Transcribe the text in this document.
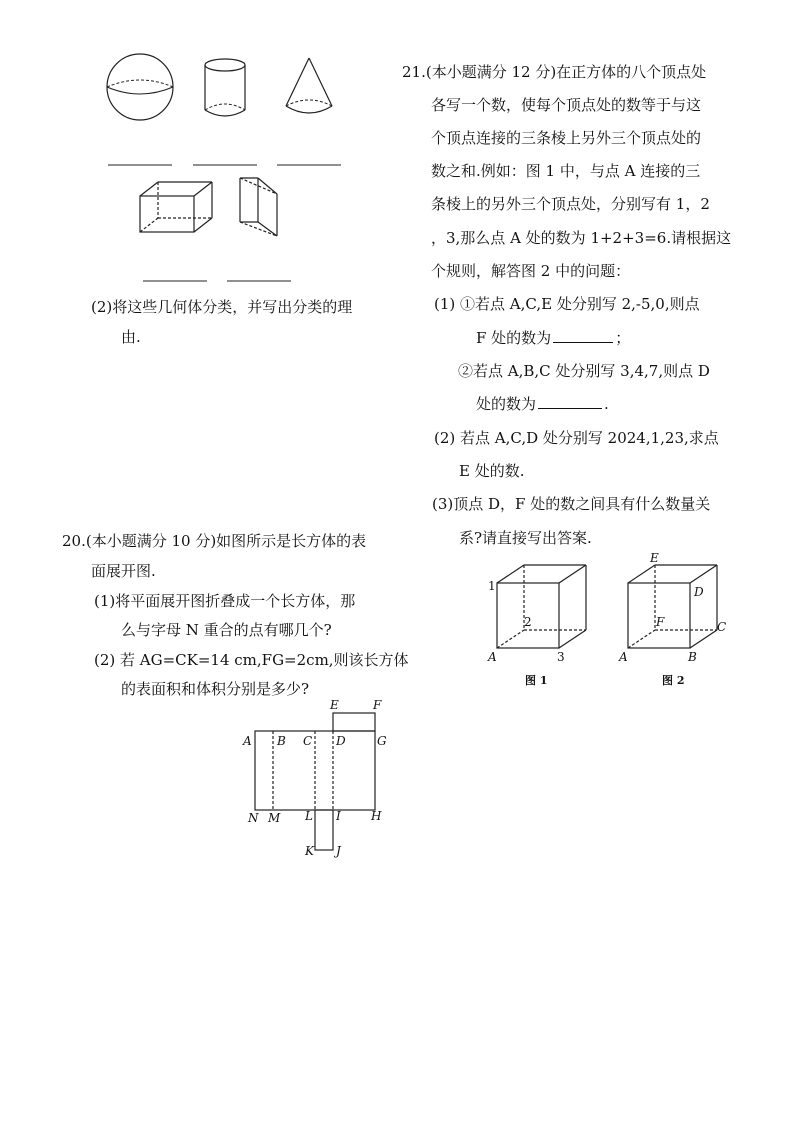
(2)将这些几何体分类，并写出分类的理
由.
20.(本小题满分 10 分)如图所示是长方体的表
面展开图.
(1)将平面展开图折叠成一个长方体，那
么与字母 N 重合的点有哪几个?
(2) 若 AG=CK=14 cm,FG=2cm,则该长方体
的表面积和体积分别是多少?
A B C D
E	F
G
H
I
J
K
L
M
N
21.(本小题满分 12 分)在正方体的八个顶点处
各写一个数，使每个顶点处的数等于与这
个顶点连接的三条棱上另外三个顶点处的
数之和.例如：图 1 中，与点 A 连接的三
条棱上的另外三个顶点处，分别写有 1，2
，3,那么点 A 处的数为 1+2+3=6.请根据这
个规则，解答图 2 中的问题：
(1) ①若点 A,C,E 处分别写 2,-5,0,则点
F 处的数为	；
②若点 A,B,C 处分别写 3,4,7,则点 D
处的数为	.
(2) 若点 A,C,D 处分别写 2024,1,23,求点
E 处的数.
(3)顶点 D，F 处的数之间具有什么数量关
系?请直接写出答案.
1
2
3
A
图 1
E
D
F	C
A	B
图 2
